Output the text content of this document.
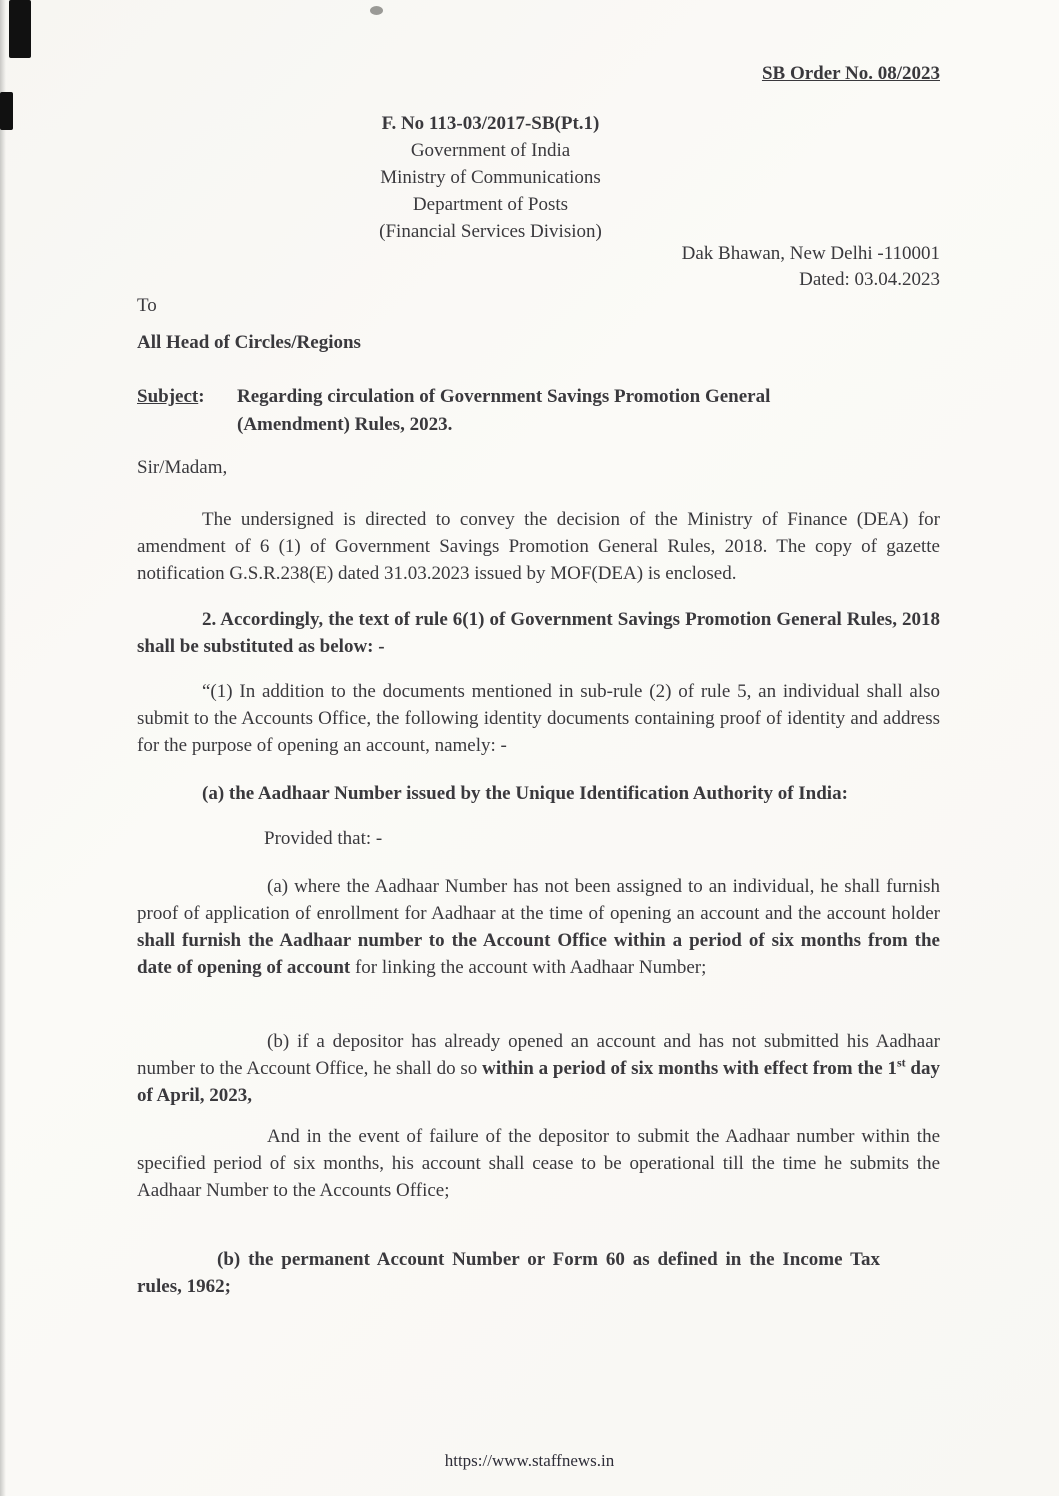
SB Order No. 08/2023
F. No 113-03/2017-SB(Pt.1)
Government of India
Ministry of Communications
Department of Posts
(Financial Services Division)
Dak Bhawan, New Delhi -110001
Dated: 03.04.2023
To
All Head of Circles/Regions
Subject:	Regarding circulation of Government Savings Promotion General (Amendment) Rules, 2023.
Sir/Madam,

The undersigned is directed to convey the decision of the Ministry of Finance (DEA) for amendment of 6 (1) of Government Savings Promotion General Rules, 2018. The copy of gazette notification G.S.R.238(E) dated 31.03.2023 issued by MOF(DEA) is enclosed.

2. Accordingly, the text of rule 6(1) of Government Savings Promotion General Rules, 2018 shall be substituted as below: -

“(1) In addition to the documents mentioned in sub-rule (2) of rule 5, an individual shall also submit to the Accounts Office, the following identity documents containing proof of identity and address for the purpose of opening an account, namely: -

(a) the Aadhaar Number issued by the Unique Identification Authority of India:

Provided that: -

(a) where the Aadhaar Number has not been assigned to an individual, he shall furnish proof of application of enrollment for Aadhaar at the time of opening an account and the account holder shall furnish the Aadhaar number to the Account Office within a period of six months from the date of opening of account for linking the account with Aadhaar Number;

(b) if a depositor has already opened an account and has not submitted his Aadhaar number to the Account Office, he shall do so within a period of six months with effect from the 1st day of April, 2023,

And in the event of failure of the depositor to submit the Aadhaar number within the specified period of six months, his account shall cease to be operational till the time he submits the Aadhaar Number to the Accounts Office;

(b) the permanent Account Number or Form 60 as defined in the Income Tax rules, 1962;

https://www.staffnews.in
